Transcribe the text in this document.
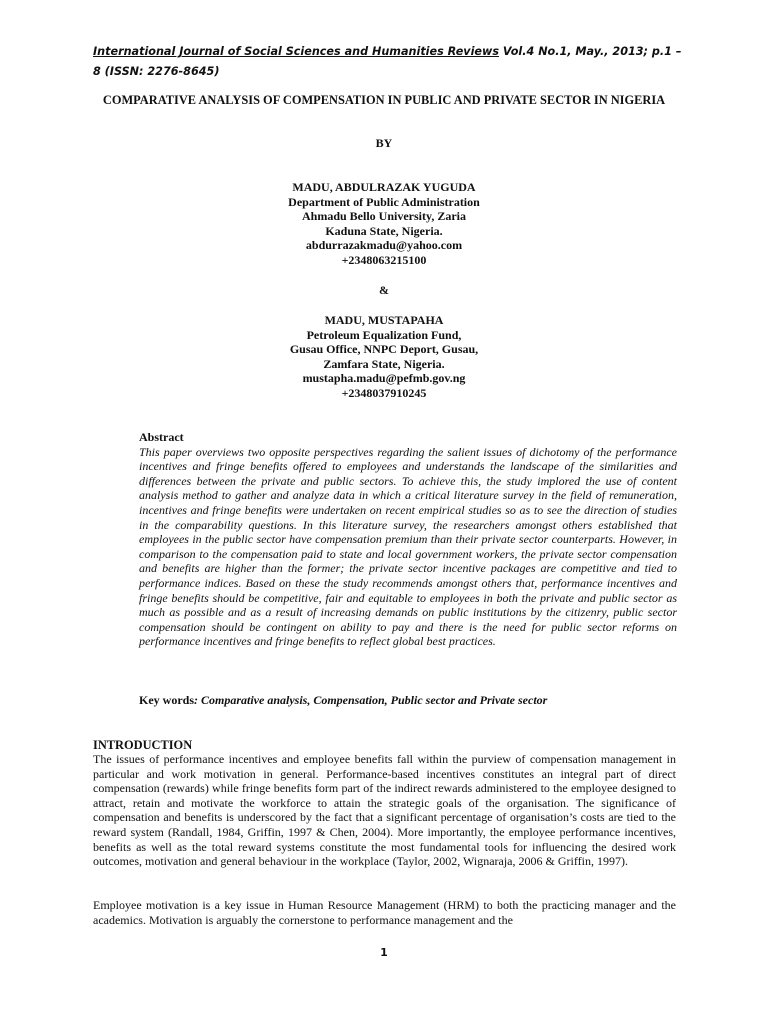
International Journal of Social Sciences and Humanities Reviews Vol.4 No.1, May., 2013; p.1 – 8 (ISSN: 2276-8645)
COMPARATIVE ANALYSIS OF COMPENSATION IN PUBLIC AND PRIVATE SECTOR IN NIGERIA
BY
MADU, ABDULRAZAK YUGUDA
Department of Public Administration
Ahmadu Bello University, Zaria
Kaduna State, Nigeria.
abdurrazakmadu@yahoo.com
+2348063215100
&
MADU, MUSTAPAHA
Petroleum Equalization Fund,
Gusau Office, NNPC Deport, Gusau,
Zamfara State, Nigeria.
mustapha.madu@pefmb.gov.ng
+2348037910245
Abstract
This paper overviews two opposite perspectives regarding the salient issues of dichotomy of the performance incentives and fringe benefits offered to employees and understands the landscape of the similarities and differences between the private and public sectors. To achieve this, the study implored the use of content analysis method to gather and analyze data in which a critical literature survey in the field of remuneration, incentives and fringe benefits were undertaken on recent empirical studies so as to see the direction of studies in the comparability questions. In this literature survey, the researchers amongst others established that employees in the public sector have compensation premium than their private sector counterparts. However, in comparison to the compensation paid to state and local government workers, the private sector compensation and benefits are higher than the former; the private sector incentive packages are competitive and tied to performance indices. Based on these the study recommends amongst others that, performance incentives and fringe benefits should be competitive, fair and equitable to employees in both the private and public sector as much as possible and as a result of increasing demands on public institutions by the citizenry, public sector compensation should be contingent on ability to pay and there is the need for public sector reforms on performance incentives and fringe benefits to reflect global best practices.
Key words: Comparative analysis, Compensation, Public sector and Private sector
INTRODUCTION
The issues of performance incentives and employee benefits fall within the purview of compensation management in particular and work motivation in general. Performance-based incentives constitutes an integral part of direct compensation (rewards) while fringe benefits form part of the indirect rewards administered to the employee designed to attract, retain and motivate the workforce to attain the strategic goals of the organisation. The significance of compensation and benefits is underscored by the fact that a significant percentage of organisation’s costs are tied to the reward system (Randall, 1984, Griffin, 1997 & Chen, 2004). More importantly, the employee performance incentives, benefits as well as the total reward systems constitute the most fundamental tools for influencing the desired work outcomes, motivation and general behaviour in the workplace (Taylor, 2002, Wignaraja, 2006 & Griffin, 1997).
Employee motivation is a key issue in Human Resource Management (HRM) to both the practicing manager and the academics. Motivation is arguably the cornerstone to performance management and the
1
